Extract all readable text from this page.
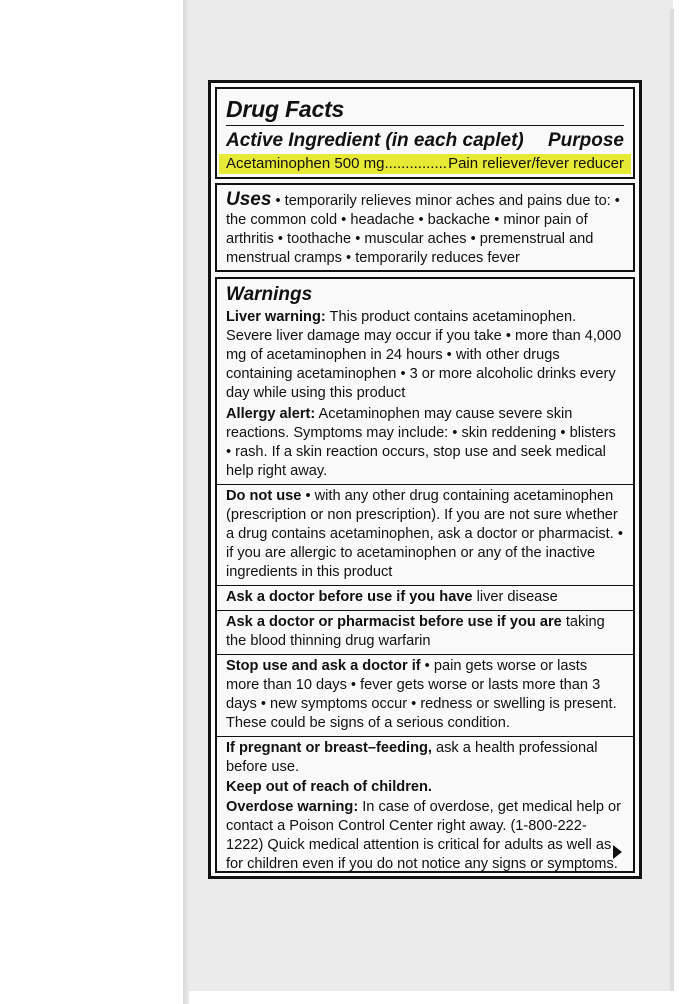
Drug Facts
Active Ingredient (in each caplet) Purpose
Acetaminophen 500 mg............... Pain reliever/fever reducer
Uses • temporarily relieves minor aches and pains due to: • the common cold • headache • backache • minor pain of arthritis • toothache • muscular aches • premenstrual and menstrual cramps • temporarily reduces fever
Warnings
Liver warning: This product contains acetaminophen. Severe liver damage may occur if you take • more than 4,000 mg of acetaminophen in 24 hours • with other drugs containing acetaminophen • 3 or more alcoholic drinks every day while using this product
Allergy alert: Acetaminophen may cause severe skin reactions. Symptoms may include: • skin reddening • blisters • rash. If a skin reaction occurs, stop use and seek medical help right away.
Do not use • with any other drug containing acetaminophen (prescription or non prescription). If you are not sure whether a drug contains acetaminophen, ask a doctor or pharmacist. • if you are allergic to acetaminophen or any of the inactive ingredients in this product
Ask a doctor before use if you have liver disease
Ask a doctor or pharmacist before use if you are taking the blood thinning drug warfarin
Stop use and ask a doctor if • pain gets worse or lasts more than 10 days • fever gets worse or lasts more than 3 days • new symptoms occur • redness or swelling is present. These could be signs of a serious condition.
If pregnant or breast–feeding, ask a health professional before use.
Keep out of reach of children.
Overdose warning: In case of overdose, get medical help or contact a Poison Control Center right away. (1-800-222-1222) Quick medical attention is critical for adults as well as for children even if you do not notice any signs or symptoms.
